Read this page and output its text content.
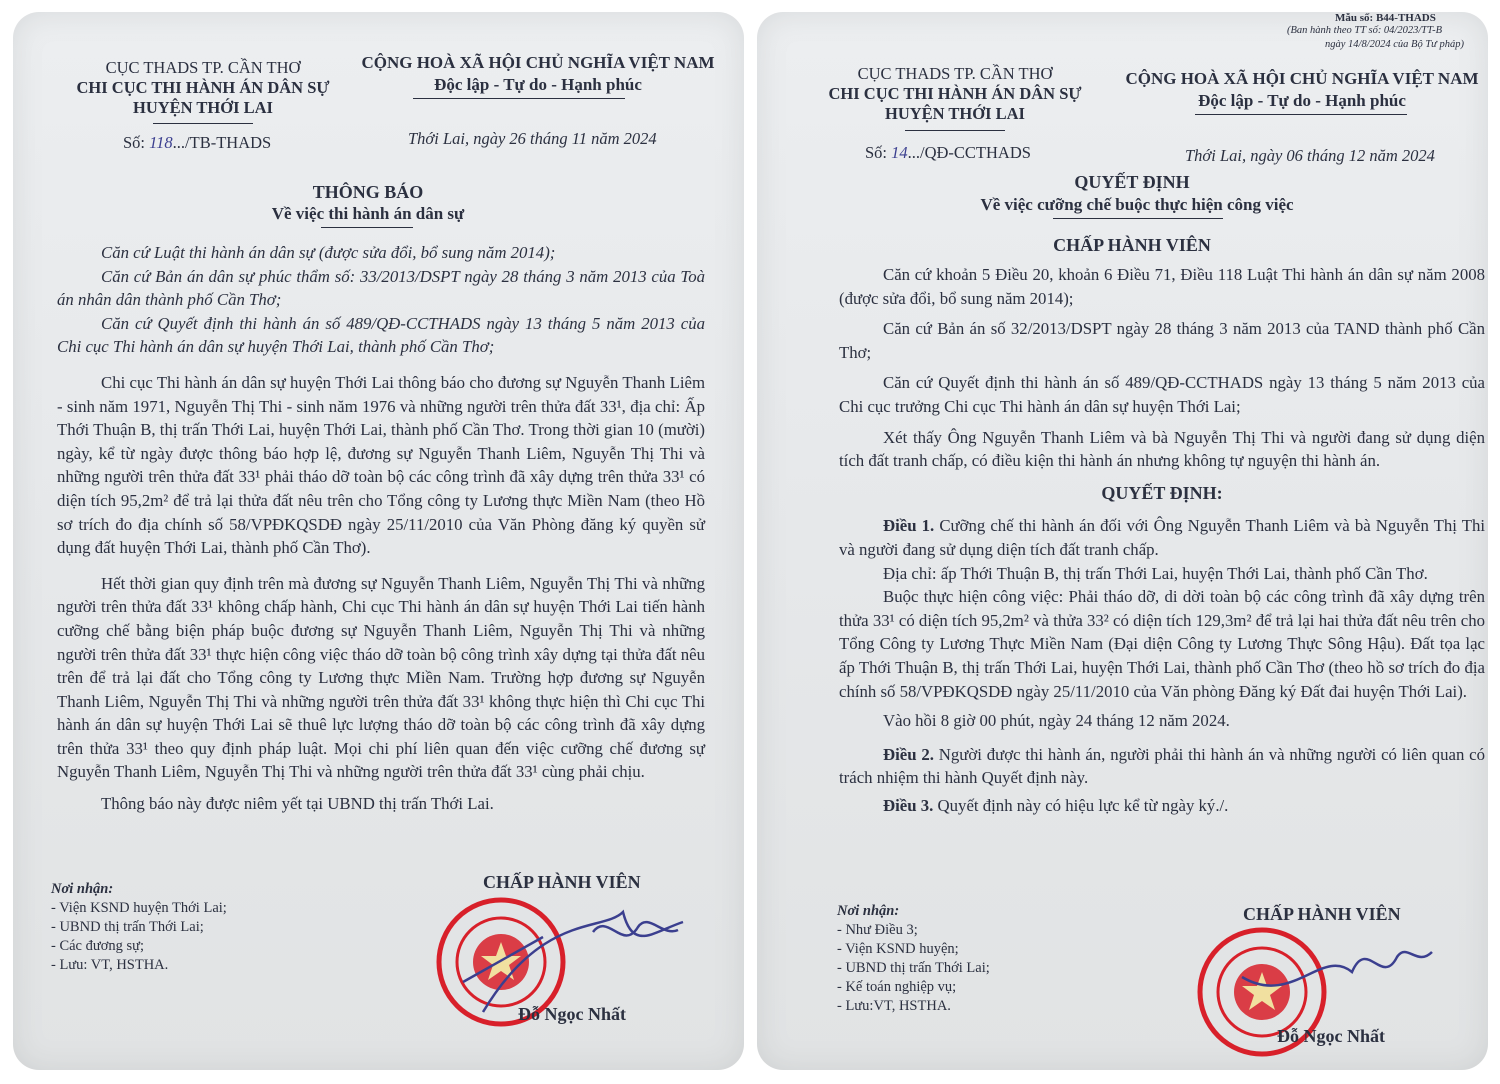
CỤC THADS TP. CẦN THƠ
CHI CỤC THI HÀNH ÁN DÂN SỰ
HUYỆN THỚI LAI
CỘNG HOÀ XÃ HỘI CHỦ NGHĨA VIỆT NAM
Độc lập - Tự do - Hạnh phúc
Số: 118.../TB-THADS	Thới Lai, ngày 26 tháng 11 năm 2024
THÔNG BÁO
Về việc thi hành án dân sự

Căn cứ Luật thi hành án dân sự (được sửa đổi, bổ sung năm 2014);

Căn cứ Bản án dân sự phúc thẩm số: 33/2013/DSPT ngày 28 tháng 3 năm 2013 của Toà án nhân dân thành phố Cần Thơ;

Căn cứ Quyết định thi hành án số 489/QĐ-CCTHADS ngày 13 tháng 5 năm 2013 của Chi cục Thi hành án dân sự huyện Thới Lai, thành phố Cần Thơ;

Chi cục Thi hành án dân sự huyện Thới Lai thông báo cho đương sự Nguyễn Thanh Liêm - sinh năm 1971, Nguyễn Thị Thi - sinh năm 1976 và những người trên thửa đất 33¹, địa chỉ: Ấp Thới Thuận B, thị trấn Thới Lai, huyện Thới Lai, thành phố Cần Thơ. Trong thời gian 10 (mười) ngày, kể từ ngày được thông báo hợp lệ, đương sự Nguyễn Thanh Liêm, Nguyễn Thị Thi và những người trên thửa đất 33¹ phải tháo dỡ toàn bộ các công trình đã xây dựng trên thửa 33¹ có diện tích 95,2m² để trả lại thửa đất nêu trên cho Tổng công ty Lương thực Miền Nam (theo Hồ sơ trích đo địa chính số 58/VPĐKQSDĐ ngày 25/11/2010 của Văn Phòng đăng ký quyền sử dụng đất huyện Thới Lai, thành phố Cần Thơ).

Hết thời gian quy định trên mà đương sự Nguyễn Thanh Liêm, Nguyễn Thị Thi và những người trên thửa đất 33¹ không chấp hành, Chi cục Thi hành án dân sự huyện Thới Lai tiến hành cưỡng chế bằng biện pháp buộc đương sự Nguyễn Thanh Liêm, Nguyễn Thị Thi và những người trên thửa đất 33¹ thực hiện công việc tháo dỡ toàn bộ công trình xây dựng tại thửa đất nêu trên để trả lại đất cho Tổng công ty Lương thực Miền Nam. Trường hợp đương sự Nguyễn Thanh Liêm, Nguyễn Thị Thi và những người trên thửa đất 33¹ không thực hiện thì Chi cục Thi hành án dân sự huyện Thới Lai sẽ thuê lực lượng tháo dỡ toàn bộ các công trình đã xây dựng trên thửa 33¹ theo quy định pháp luật. Mọi chi phí liên quan đến việc cưỡng chế đương sự Nguyễn Thanh Liêm, Nguyễn Thị Thi và những người trên thửa đất 33¹ cùng phải chịu.

Thông báo này được niêm yết tại UBND thị trấn Thới Lai.

Nơi nhận:
- Viện KSND huyện Thới Lai;
- UBND thị trấn Thới Lai;
- Các đương sự;
- Lưu: VT, HSTHA.
CHẤP HÀNH VIÊN
Đỗ Ngọc Nhất
Mẫu số: B44-THADS
(Ban hành theo TT số: 04/2023/TT-B
ngày 14/8/2024 của Bộ Tư pháp)
CỤC THADS TP. CẦN THƠ
CHI CỤC THI HÀNH ÁN DÂN SỰ
HUYỆN THỚI LAI
CỘNG HOÀ XÃ HỘI CHỦ NGHĨA VIỆT NAM
Độc lập - Tự do - Hạnh phúc
Số: 14.../QĐ-CCTHADS	Thới Lai, ngày 06 tháng 12 năm 2024
QUYẾT ĐỊNH
Về việc cưỡng chế buộc thực hiện công việc
CHẤP HÀNH VIÊN

Căn cứ khoản 5 Điều 20, khoản 6 Điều 71, Điều 118 Luật Thi hành án dân sự năm 2008 (được sửa đổi, bổ sung năm 2014);

Căn cứ Bản án số 32/2013/DSPT ngày 28 tháng 3 năm 2013 của TAND thành phố Cần Thơ;

Căn cứ Quyết định thi hành án số 489/QĐ-CCTHADS ngày 13 tháng 5 năm 2013 của Chi cục trưởng Chi cục Thi hành án dân sự huyện Thới Lai;

Xét thấy Ông Nguyễn Thanh Liêm và bà Nguyễn Thị Thi và người đang sử dụng diện tích đất tranh chấp, có điều kiện thi hành án nhưng không tự nguyện thi hành án.

QUYẾT ĐỊNH:

Điều 1. Cưỡng chế thi hành án đối với Ông Nguyễn Thanh Liêm và bà Nguyễn Thị Thi và người đang sử dụng diện tích đất tranh chấp.

Địa chỉ: ấp Thới Thuận B, thị trấn Thới Lai, huyện Thới Lai, thành phố Cần Thơ.

Buộc thực hiện công việc: Phải tháo dỡ, di dời toàn bộ các công trình đã xây dựng trên thửa 33¹ có diện tích 95,2m² và thửa 33² có diện tích 129,3m² để trả lại hai thửa đất nêu trên cho Tổng Công ty Lương Thực Miền Nam (Đại diện Công ty Lương Thực Sông Hậu). Đất tọa lạc ấp Thới Thuận B, thị trấn Thới Lai, huyện Thới Lai, thành phố Cần Thơ (theo hồ sơ trích đo địa chính số 58/VPĐKQSDĐ ngày 25/11/2010 của Văn phòng Đăng ký Đất đai huyện Thới Lai).

Vào hồi 8 giờ 00 phút, ngày 24 tháng 12 năm 2024.

Điều 2. Người được thi hành án, người phải thi hành án và những người có liên quan có trách nhiệm thi hành Quyết định này.

Điều 3. Quyết định này có hiệu lực kể từ ngày ký./.

Nơi nhận:
- Như Điều 3;
- Viện KSND huyện;
- UBND thị trấn Thới Lai;
- Kế toán nghiệp vụ;
- Lưu:VT, HSTHA.
CHẤP HÀNH VIÊN
Đỗ Ngọc Nhất
